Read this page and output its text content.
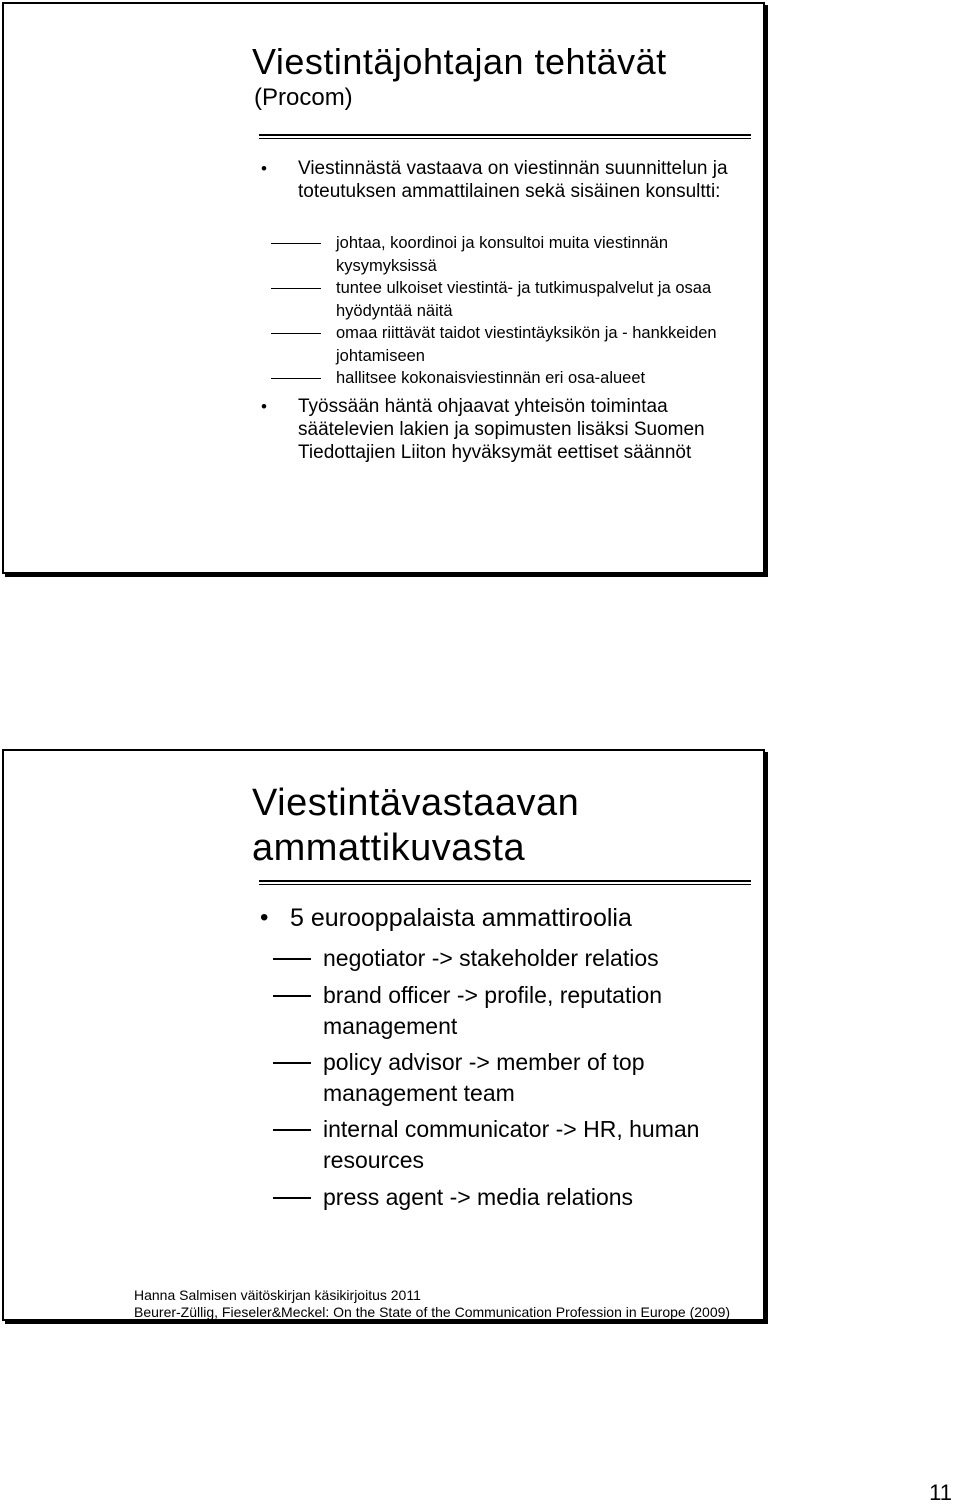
Viestintäjohtajan tehtävät
(Procom)
• Viestinnästä vastaava on viestinnän suunnittelun ja toteutuksen ammattilainen sekä sisäinen konsultti:
johtaa, koordinoi ja konsultoi muita viestinnän kysymyksissä
tuntee ulkoiset viestintä- ja tutkimuspalvelut ja osaa hyödyntää näitä
omaa riittävät taidot viestintäyksikön ja - hankkeiden johtamiseen
hallitsee kokonaisviestinnän eri osa-alueet
• Työssään häntä ohjaavat yhteisön toimintaa säätelevien lakien ja sopimusten lisäksi Suomen Tiedottajien Liiton hyväksymät eettiset säännöt
Viestintävastaavan
ammattikuvasta
• 5 eurooppalaista ammattiroolia
negotiator -> stakeholder relatios
brand officer -> profile, reputation management
policy advisor -> member of top management team
internal communicator -> HR, human resources
press agent -> media relations
Hanna Salmisen väitöskirjan käsikirjoitus 2011
Beurer-Züllig, Fieseler&Meckel: On the State of the Communication Profession in Europe (2009)
11
